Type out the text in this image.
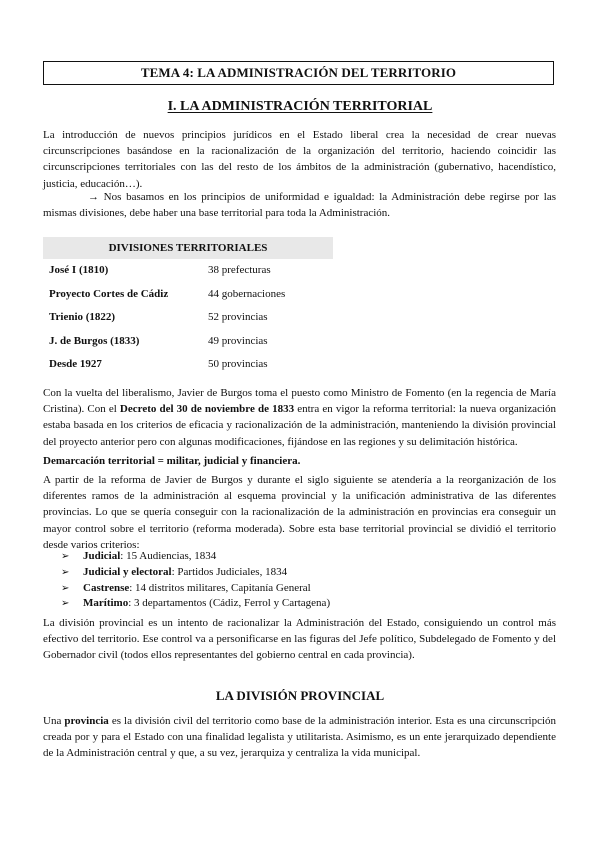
TEMA 4: LA ADMINISTRACIÓN DEL TERRITORIO
I. LA ADMINISTRACIÓN TERRITORIAL

La introducción de nuevos principios jurídicos en el Estado liberal crea la necesidad de crear nuevas circunscripciones basándose en la racionalización de la organización del territorio, haciendo coincidir las circunscripciones territoriales con las del resto de los ámbitos de la administración (gubernativo, hacendístico, justicia, educación…).

→ Nos basamos en los principios de uniformidad e igualdad: la Administración debe regirse por las mismas divisiones, debe haber una base territorial para toda la Administración.

DIVISIONES TERRITORIALES
José I (1810)	38 prefecturas
Proyecto Cortes de Cádiz	44 gobernaciones
Trienio (1822)	52 provincias
J. de Burgos (1833)	49 provincias
Desde 1927	50 provincias

Con la vuelta del liberalismo, Javier de Burgos toma el puesto como Ministro de Fomento (en la regencia de María Cristina). Con el Decreto del 30 de noviembre de 1833 entra en vigor la reforma territorial: la nueva organización estaba basada en los criterios de eficacia y racionalización de la administración, manteniendo la división provincial del proyecto anterior pero con algunas modificaciones, fijándose en las regiones y su delimitación histórica.

Demarcación territorial = militar, judicial y financiera.

A partir de la reforma de Javier de Burgos y durante el siglo siguiente se atendería a la reorganización de los diferentes ramos de la administración al esquema provincial y la unificación administrativa de las diferentes provincias. Lo que se quería conseguir con la racionalización de la administración en provincias era conseguir un mayor control sobre el territorio (reforma moderada). Sobre esta base territorial provincial se dividió el territorio desde varios criterios:

➢ Judicial: 15 Audiencias, 1834
➢ Judicial y electoral: Partidos Judiciales, 1834
➢ Castrense: 14 distritos militares, Capitanía General
➢ Marítimo: 3 departamentos (Cádiz, Ferrol y Cartagena)

La división provincial es un intento de racionalizar la Administración del Estado, consiguiendo un control más efectivo del territorio. Ese control va a personificarse en las figuras del Jefe político, Subdelegado de Fomento y del Gobernador civil (todos ellos representantes del gobierno central en cada provincia).

LA DIVISIÓN PROVINCIAL

Una provincia es la división civil del territorio como base de la administración interior. Esta es una circunscripción creada por y para el Estado con una finalidad legalista y utilitarista. Asimismo, es un ente jerarquizado dependiente de la Administración central y que, a su vez, jerarquiza y centraliza la vida municipal.
